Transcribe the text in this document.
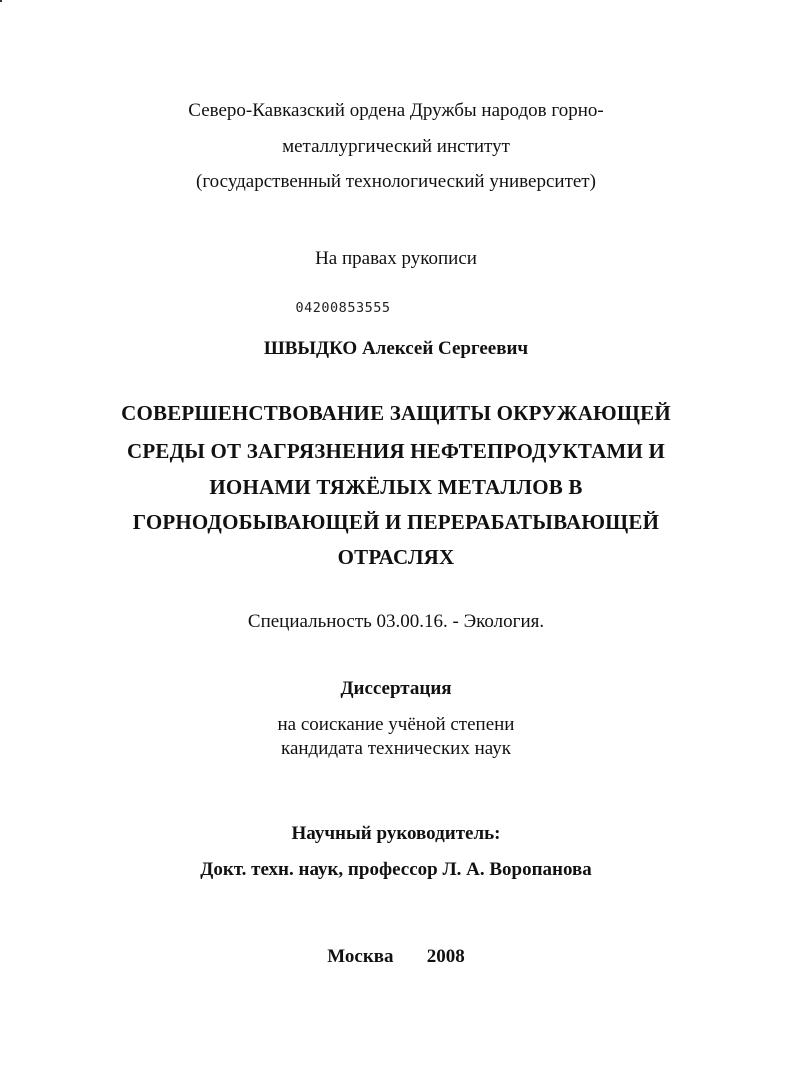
Северо-Кавказский ордена Дружбы народов горно-
металлургический институт
(государственный технологический университет)
На правах рукописи
04200853555
ШВЫДКО Алексей Сергеевич
СОВЕРШЕНСТВОВАНИЕ ЗАЩИТЫ ОКРУЖАЮЩЕЙ
СРЕДЫ ОТ ЗАГРЯЗНЕНИЯ НЕФТЕПРОДУКТАМИ И
ИОНАМИ ТЯЖЁЛЫХ МЕТАЛЛОВ В
ГОРНОДОБЫВАЮЩЕЙ И ПЕРЕРАБАТЫВАЮЩЕЙ
ОТРАСЛЯХ
Специальность 03.00.16. - Экология.
Диссертация
на соискание учёной степени
кандидата технических наук
Научный руководитель:
Докт. техн. наук, профессор Л. А. Воропанова
Москва       2008
